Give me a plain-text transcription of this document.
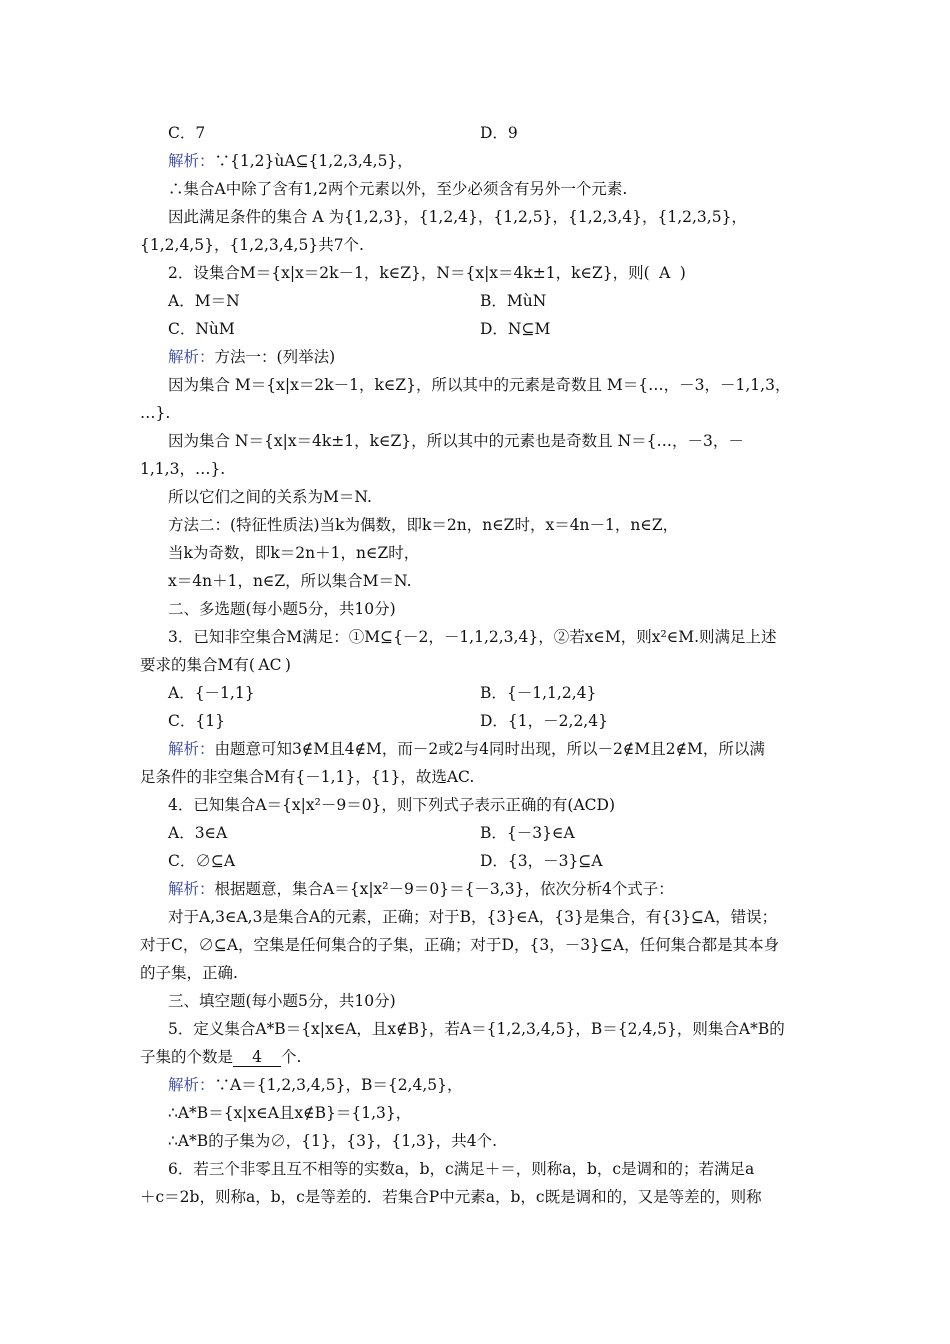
C．7	D．9
解析：∵{1,2}ùA⊆{1,2,3,4,5}，
∴集合A中除了含有1,2两个元素以外，至少必须含有另外一个元素.
因此满足条件的集合 A 为{1,2,3}，{1,2,4}，{1,2,5}，{1,2,3,4}，{1,2,3,5}，
{1,2,4,5}，{1,2,3,4,5}共7个.
2．设集合M＝{x|x＝2k－1，k∈Z}，N＝{x|x＝4k±1，k∈Z}，则( A )
A．M＝N	B．MùN
C．NùM	D．N⊆M
解析：方法一：(列举法)
因为集合 M＝{x|x＝2k－1，k∈Z}，所以其中的元素是奇数且 M＝{…，－3，－1,1,3，
…}.
因为集合 N＝{x|x＝4k±1，k∈Z}，所以其中的元素也是奇数且 N＝{…，－3，－
1,1,3，…}.
所以它们之间的关系为M＝N.
方法二：(特征性质法)当k为偶数，即k＝2n，n∈Z时，x＝4n－1，n∈Z，
当k为奇数，即k＝2n＋1，n∈Z时，
x＝4n＋1，n∈Z，所以集合M＝N.
二、多选题(每小题5分，共10分)
3．已知非空集合M满足：①M⊆{－2，－1,1,2,3,4}，②若x∈M，则x²∈M.则满足上述
要求的集合M有( AC )
A．{－1,1}	B．{－1,1,2,4}
C．{1}	D．{1，－2,2,4}
解析：由题意可知3∉M且4∉M，而－2或2与4同时出现，所以－2∉M且2∉M，所以满
足条件的非空集合M有{－1,1}，{1}，故选AC.
4．已知集合A＝{x|x²－9＝0}，则下列式子表示正确的有(ACD)
A．3∈A	B．{－3}∈A
C．∅⊆A	D．{3，－3}⊆A
解析：根据题意，集合A＝{x|x²－9＝0}＝{－3,3}，依次分析4个式子：
对于A,3∈A,3是集合A的元素，正确；对于B，{3}∈A，{3}是集合，有{3}⊆A，错误；
对于C，∅⊆A，空集是任何集合的子集，正确；对于D，{3，－3}⊆A，任何集合都是其本身
的子集，正确.
三、填空题(每小题5分，共10分)
5．定义集合A*B＝{x|x∈A，且x∉B}，若A＝{1,2,3,4,5}，B＝{2,4,5}，则集合A*B的
子集的个数是 4 个.
解析：∵A＝{1,2,3,4,5}，B＝{2,4,5}，
∴A*B＝{x|x∈A且x∉B}＝{1,3}，
∴A*B的子集为∅，{1}，{3}，{1,3}，共4个.
6．若三个非零且互不相等的实数a，b，c满足＋＝，则称a，b，c是调和的；若满足a
＋c＝2b，则称a，b，c是等差的．若集合P中元素a，b，c既是调和的，又是等差的，则称
